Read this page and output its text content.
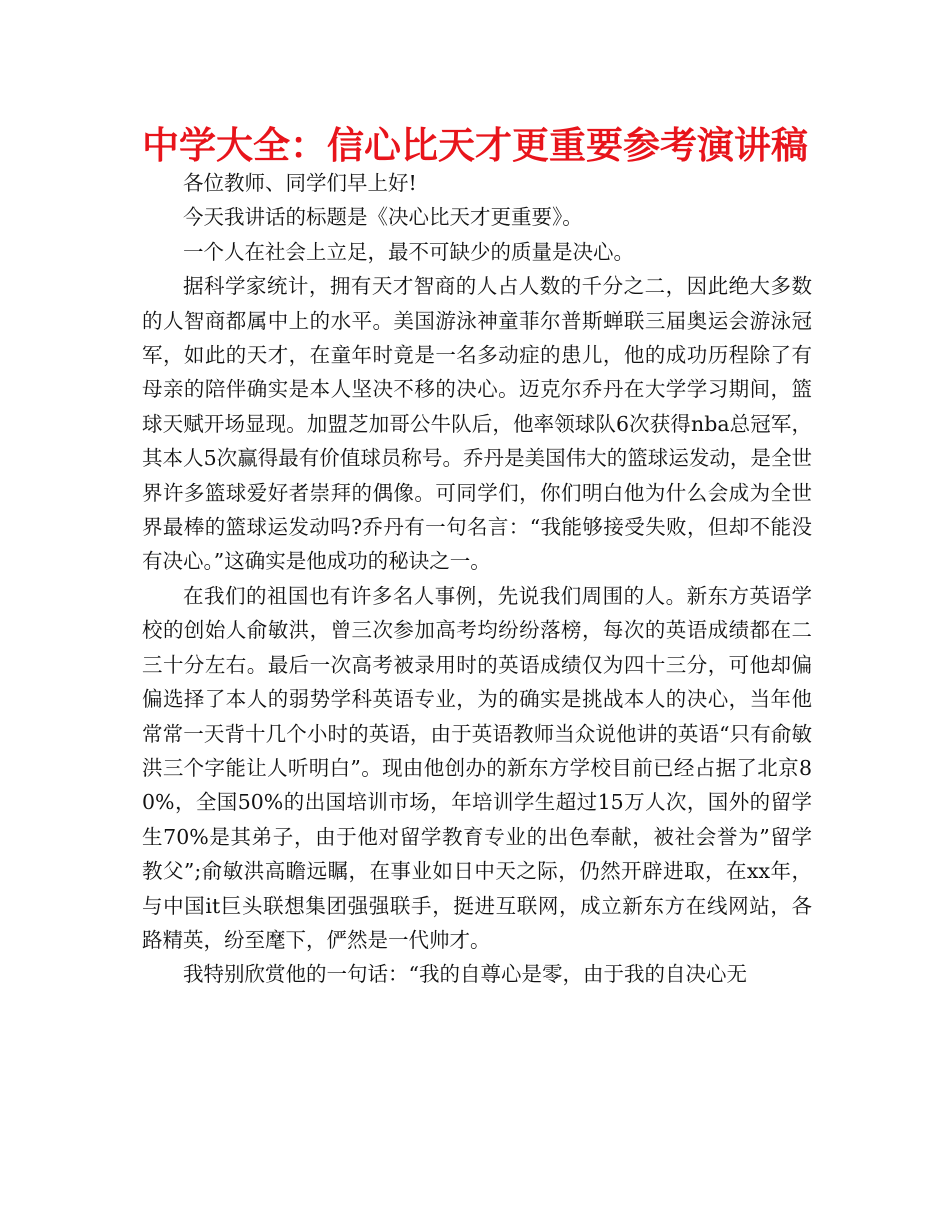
中学大全：信心比天才更重要参考演讲稿

各位教师、同学们早上好!

今天我讲话的标题是《决心比天才更重要》。

一个人在社会上立足，最不可缺少的质量是决心。

据科学家统计，拥有天才智商的人占人数的千分之二，因此绝大多数的人智商都属中上的水平。美国游泳神童菲尔普斯蝉联三届奥运会游泳冠军，如此的天才，在童年时竟是一名多动症的患儿，他的成功历程除了有母亲的陪伴确实是本人坚决不移的决心。迈克尔乔丹在大学学习期间，篮球天赋开场显现。加盟芝加哥公牛队后，他率领球队6次获得nba总冠军，其本人5次赢得最有价值球员称号。乔丹是美国伟大的篮球运发动，是全世界许多篮球爱好者崇拜的偶像。可同学们，你们明白他为什么会成为全世界最棒的篮球运发动吗?乔丹有一句名言：“我能够接受失败，但却不能没有决心。”这确实是他成功的秘诀之一。

在我们的祖国也有许多名人事例，先说我们周围的人。新东方英语学校的创始人俞敏洪，曾三次参加高考均纷纷落榜，每次的英语成绩都在二三十分左右。最后一次高考被录用时的英语成绩仅为四十三分，可他却偏偏选择了本人的弱势学科英语专业，为的确实是挑战本人的决心，当年他常常一天背十几个小时的英语，由于英语教师当众说他讲的英语“只有俞敏洪三个字能让人听明白”。现由他创办的新东方学校目前已经占据了北京80%，全国50%的出国培训市场，年培训学生超过15万人次，国外的留学生70%是其弟子，由于他对留学教育专业的出色奉献，被社会誉为”留学教父”;俞敏洪高瞻远瞩，在事业如日中天之际，仍然开辟进取，在xx年，与中国it巨头联想集团强强联手，挺进互联网，成立新东方在线网站，各路精英，纷至麾下，俨然是一代帅才。

我特别欣赏他的一句话：“我的自尊心是零，由于我的自决心无
